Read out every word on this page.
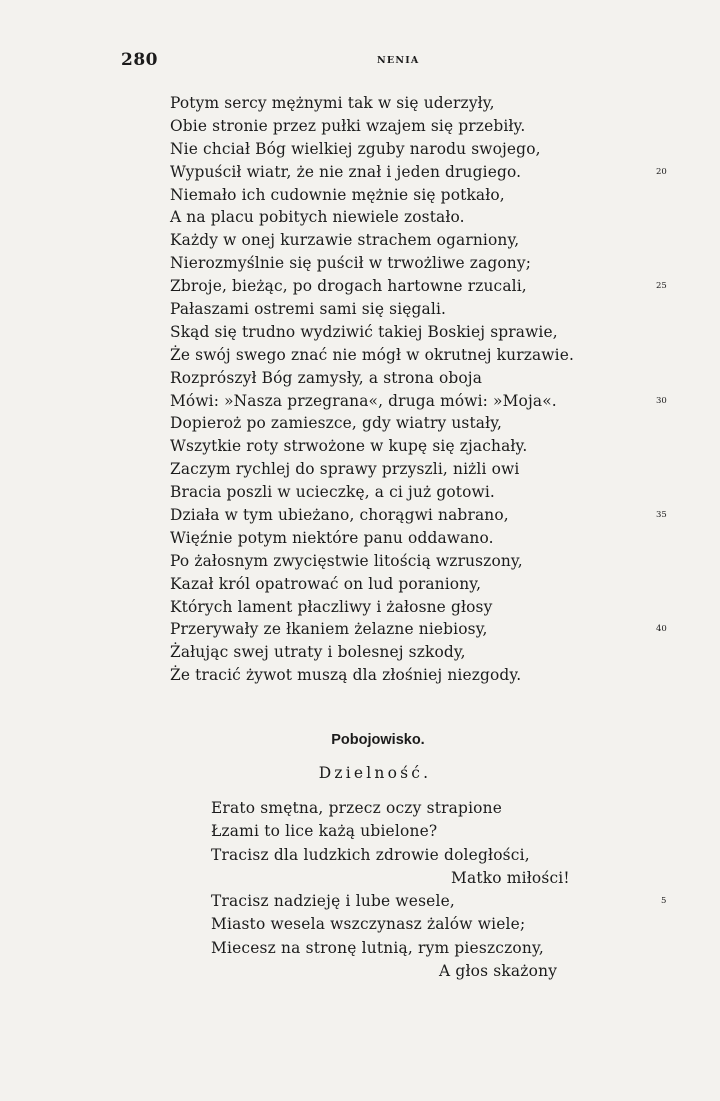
280	NENIA
Potym sercy mężnymi tak w się uderzyły,
Obie stronie przez pułki wzajem się przebiły.
Nie chciał Bóg wielkiej zguby narodu swojego,
Wypuścił wiatr, że nie znał i jeden drugiego.	20
Niemało ich cudownie mężnie się potkało,
A na placu pobitych niewiele zostało.
Każdy w onej kurzawie strachem ogarniony,
Nierozmyślnie się puścił w trwożliwe zagony;
Zbroje, bieżąc, po drogach hartowne rzucali,	25
Pałaszami ostremi sami się sięgali.
Skąd się trudno wydziwić takiej Boskiej sprawie,
Że swój swego znać nie mógł w okrutnej kurzawie.
Rozprószył Bóg zamysły, a strona oboja
Mówi: »Nasza przegrana«, druga mówi: »Moja«.	30
Dopieroż po zamieszce, gdy wiatry ustały,
Wszytkie roty strwożone w kupę się zjachały.
Zaczym rychlej do sprawy przyszli, niżli owi
Bracia poszli w ucieczkę, a ci już gotowi.
Działa w tym ubieżano, chorągwi nabrano,	35
Więźnie potym niektóre panu oddawano.
Po żałosnym zwycięstwie litością wzruszony,
Kazał król opatrować on lud poraniony,
Których lament płaczliwy i żałosne głosy
Przerywały ze łkaniem żelazne niebiosy,	40
Żałując swej utraty i bolesnej szkody,
Że tracić żywot muszą dla złośniej niezgody.
Pobojowisko.
Dzielność.
Erato smętna, przecz oczy strapione
Łzami to lice każą ubielone?
Tracisz dla ludzkich zdrowie doległości,
Matko miłości!
Tracisz nadzieję i lube wesele,	5
Miasto wesela wszczynasz żalów wiele;
Miecesz na stronę lutnią, rym pieszczony,
A głos skażony
